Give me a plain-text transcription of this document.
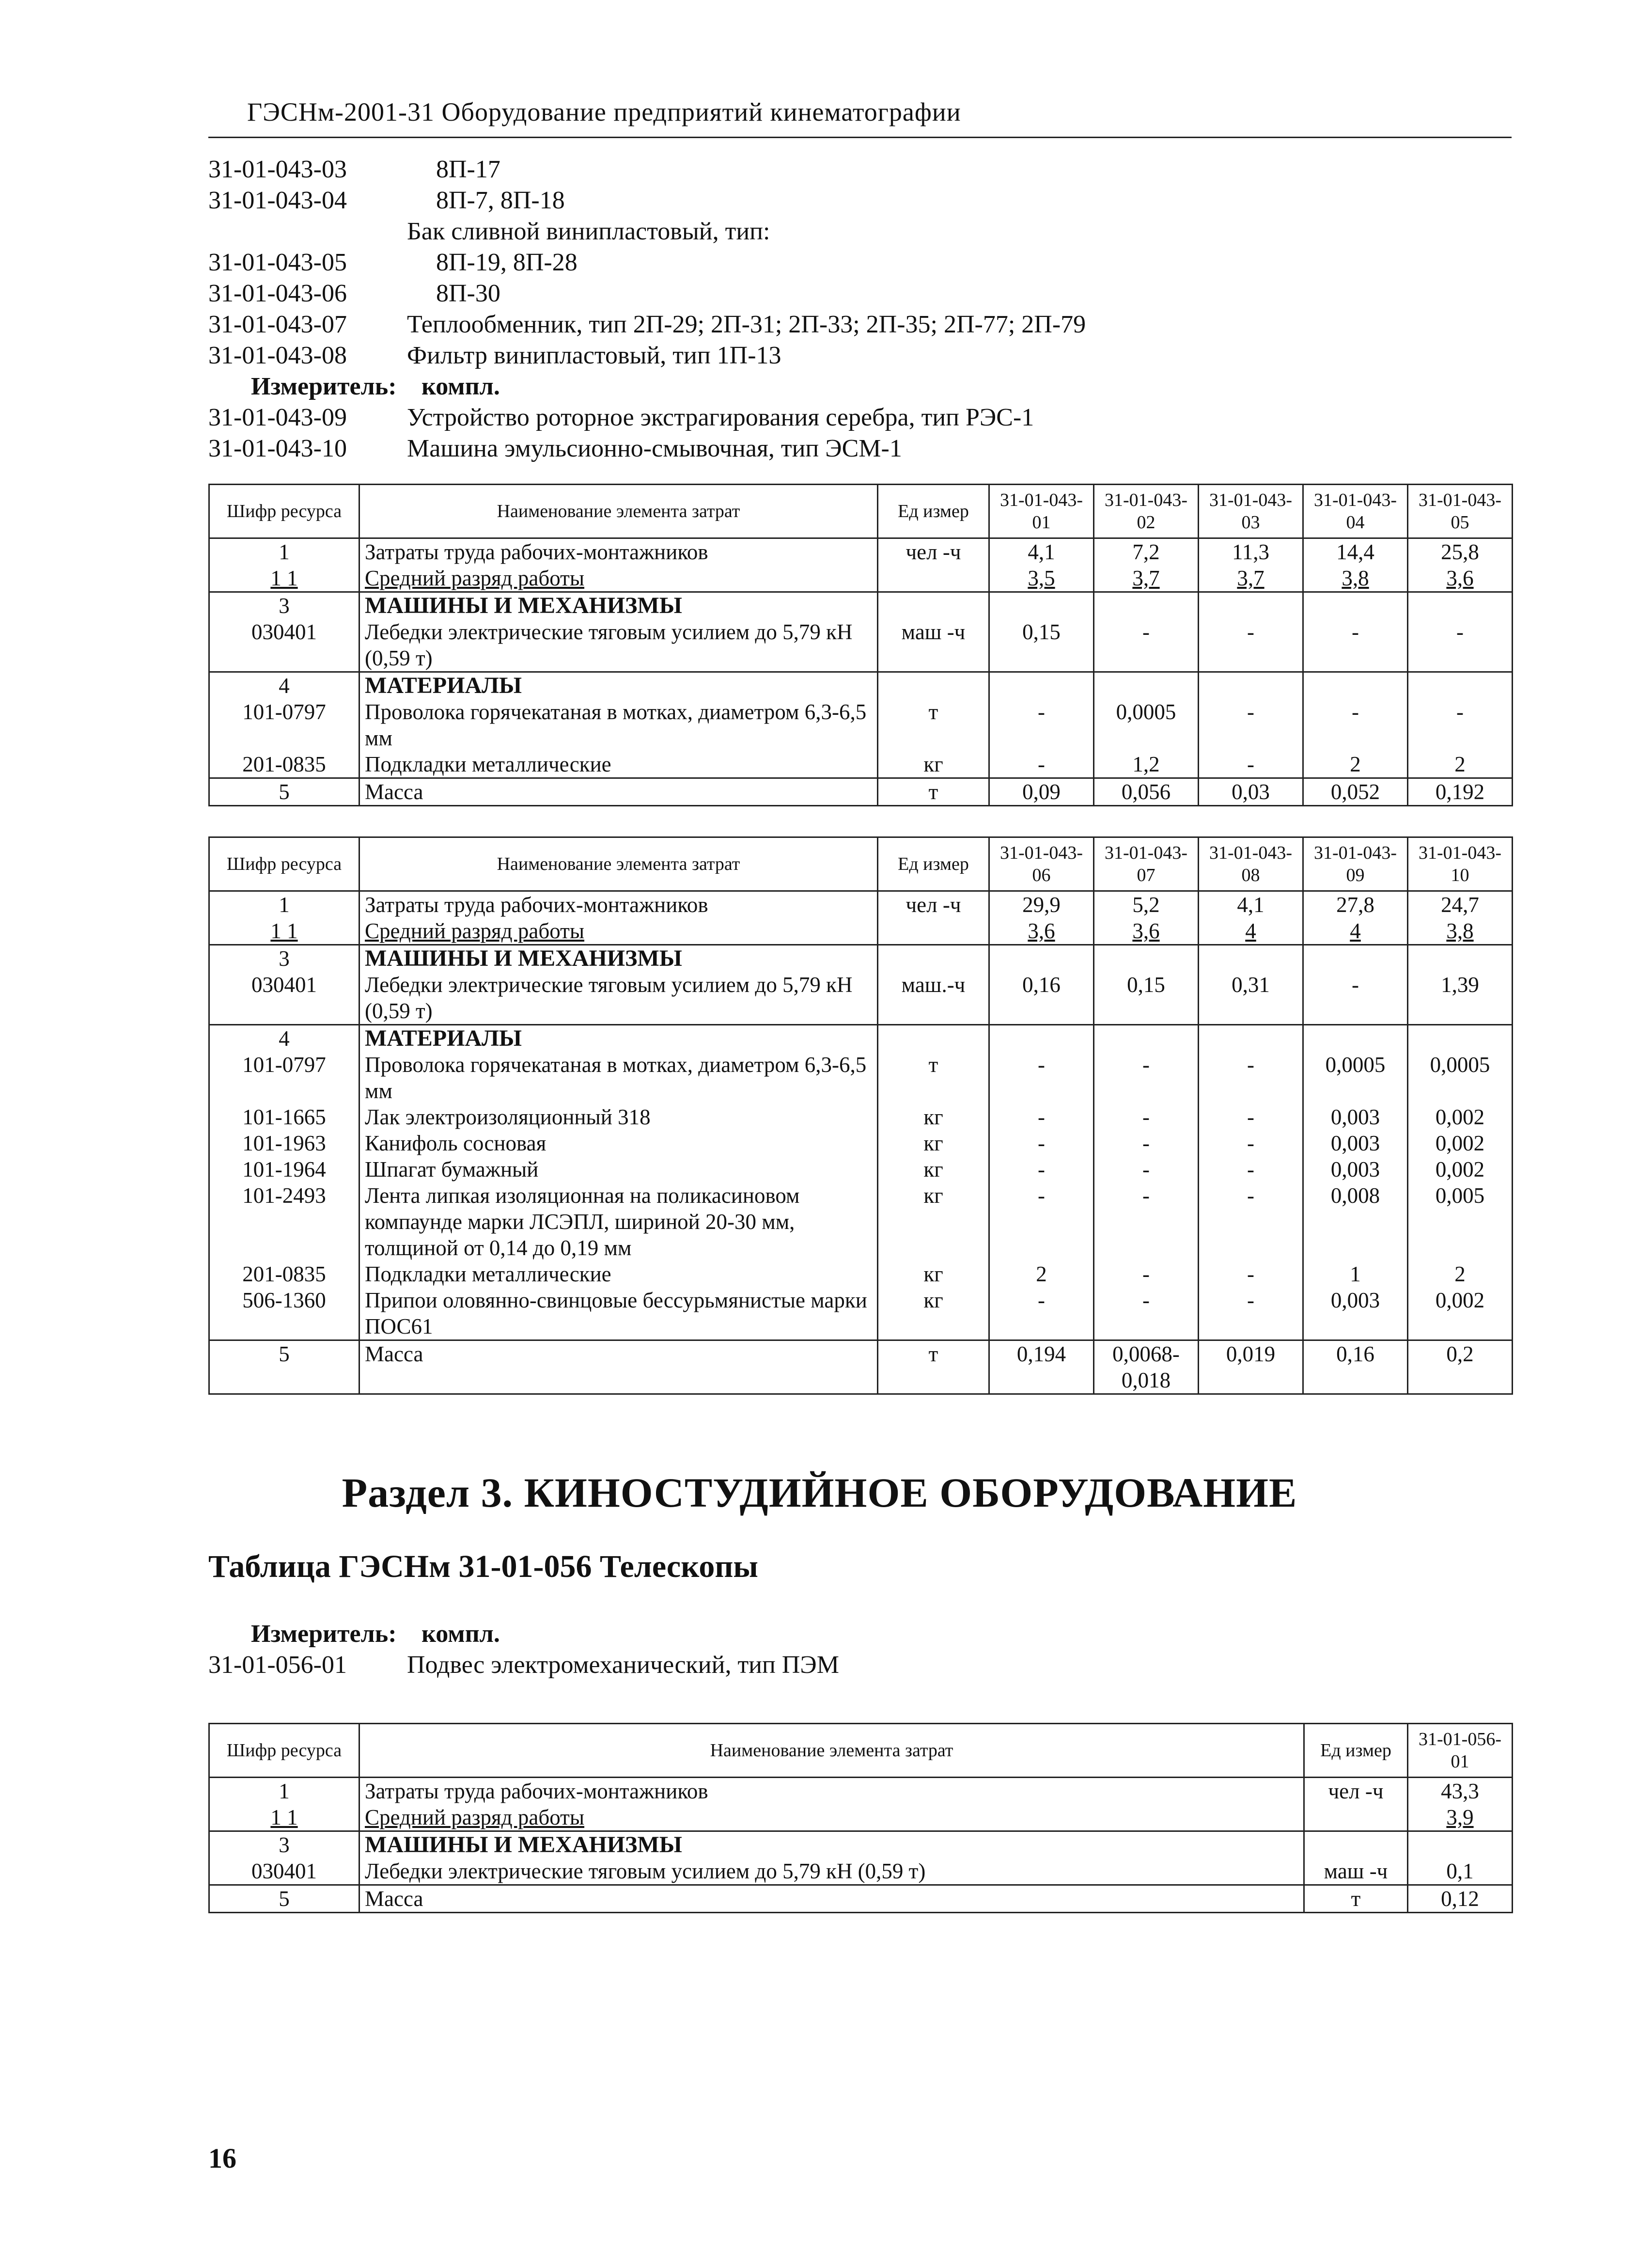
ГЭСНм-2001-31 Оборудование предприятий кинематографии
31-01-043-03	8П-17
31-01-043-04	8П-7, 8П-18
Бак сливной винипластовый, тип:
31-01-043-05	8П-19, 8П-28
31-01-043-06	8П-30
31-01-043-07 Теплообменник, тип 2П-29; 2П-31; 2П-33; 2П-35; 2П-77; 2П-79
31-01-043-08 Фильтр винипластовый, тип 1П-13
Измеритель: компл.
31-01-043-09 Устройство роторное экстрагирования серебра, тип РЭС-1
31-01-043-10 Машина эмульсионно-смывочная, тип ЭСМ-1
Шифр ресурса	Наименование элемента затрат	Ед измер	31-01-043-01	31-01-043-02	31-01-043-03	31-01-043-04	31-01-043-05
1	Затраты труда рабочих-монтажников	чел -ч	4,1	7,2	11,3	14,4	25,8
1 1	Средний разряд работы		3,5	3,7	3,7	3,8	3,6
3	МАШИНЫ И МЕХАНИЗМЫ						
030401	Лебедки электрические тяговым усилием до 5,79 кН (0,59 т)	маш -ч	0,15	-	-	-	-
4	МАТЕРИАЛЫ						
101-0797	Проволока горячекатаная в мотках, диаметром 6,3-6,5 мм	т	-	0,0005	-	-	-
201-0835	Подкладки металлические	кг	-	1,2	-	2	2
5	Масса	т	0,09	0,056	0,03	0,052	0,192
Шифр ресурса	Наименование элемента затрат	Ед измер	31-01-043-06	31-01-043-07	31-01-043-08	31-01-043-09	31-01-043-10
1	Затраты труда рабочих-монтажников	чел -ч	29,9	5,2	4,1	27,8	24,7
1 1	Средний разряд работы		3,6	3,6	4	4	3,8
3	МАШИНЫ И МЕХАНИЗМЫ						
030401	Лебедки электрические тяговым усилием до 5,79 кН (0,59 т)	маш.-ч	0,16	0,15	0,31	-	1,39
4	МАТЕРИАЛЫ						
101-0797	Проволока горячекатаная в мотках, диаметром 6,3-6,5 мм	т	-	-	-	0,0005	0,0005
101-1665	Лак электроизоляционный 318	кг	-	-	-	0,003	0,002
101-1963	Канифоль сосновая	кг	-	-	-	0,003	0,002
101-1964	Шпагат бумажный	кг	-	-	-	0,003	0,002
101-2493	Лента липкая изоляционная на поликасиновом компаунде марки ЛСЭПЛ, шириной 20-30 мм, толщиной от 0,14 до 0,19 мм	кг	-	-	-	0,008	0,005
201-0835	Подкладки металлические	кг	2	-	-	1	2
506-1360	Припои оловянно-свинцовые бессурьмянистые марки ПОС61	кг	-	-	-	0,003	0,002
5	Масса	т	0,194	0,0068-0,018	0,019	0,16	0,2
Раздел 3. КИНОСТУДИЙНОЕ ОБОРУДОВАНИЕ
Таблица ГЭСНм 31-01-056 Телескопы
Измеритель: компл.
31-01-056-01 Подвес электромеханический, тип ПЭМ
Шифр ресурса	Наименование элемента затрат	Ед измер	31-01-056-01
1	Затраты труда рабочих-монтажников	чел -ч	43,3
1 1	Средний разряд работы		3,9
3	МАШИНЫ И МЕХАНИЗМЫ		
030401	Лебедки электрические тяговым усилием до 5,79 кН (0,59 т)	маш -ч	0,1
5	Масса	т	0,12
16
